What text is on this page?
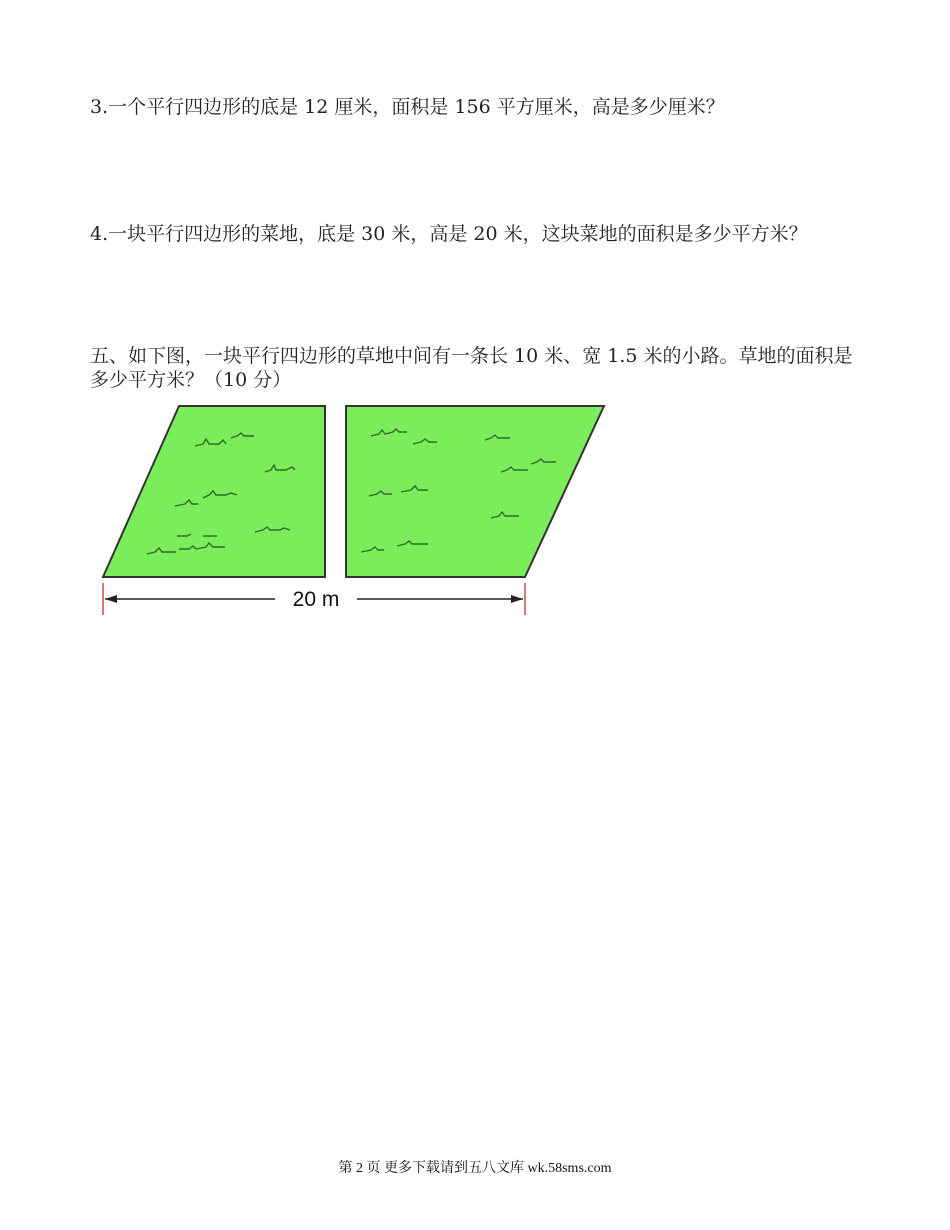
3.一个平行四边形的底是 12 厘米，面积是 156 平方厘米，高是多少厘米？
4.一块平行四边形的菜地，底是 30 米，高是 20 米，这块菜地的面积是多少平方米？
五、如下图，一块平行四边形的草地中间有一条长 10 米、宽 1.5 米的小路。草地的面积是多少平方米？（10 分）
20 m
第 2 页 更多下载请到五八文库 wk.58sms.com
